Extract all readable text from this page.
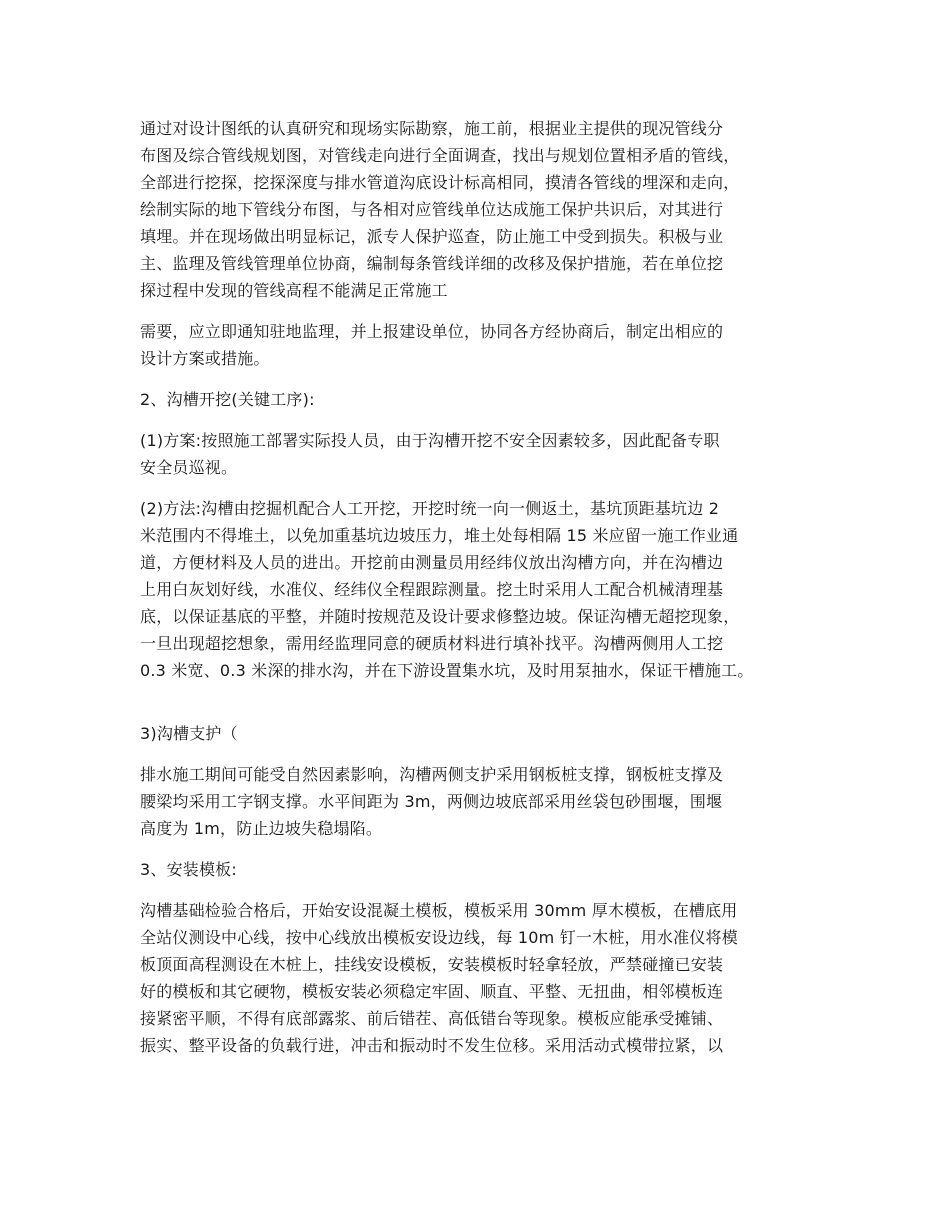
通过对设计图纸的认真研究和现场实际勘察，施工前，根据业主提供的现况管线分
布图及综合管线规划图，对管线走向进行全面调查，找出与规划位置相矛盾的管线，
全部进行挖探，挖探深度与排水管道沟底设计标高相同，摸清各管线的埋深和走向，
绘制实际的地下管线分布图，与各相对应管线单位达成施工保护共识后，对其进行
填埋。并在现场做出明显标记，派专人保护巡查，防止施工中受到损失。积极与业
主、监理及管线管理单位协商，编制每条管线详细的改移及保护措施，若在单位挖
探过程中发现的管线高程不能满足正常施工

需要，应立即通知驻地监理，并上报建设单位，协同各方经协商后，制定出相应的
设计方案或措施。

2、沟槽开挖(关键工序):

(1)方案:按照施工部署实际投人员，由于沟槽开挖不安全因素较多，因此配备专职
安全员巡视。

(2)方法:沟槽由挖掘机配合人工开挖，开挖时统一向一侧返土，基坑顶距基坑边 2
米范围内不得堆土，以免加重基坑边坡压力，堆土处每相隔 15 米应留一施工作业通
道，方便材料及人员的进出。开挖前由测量员用经纬仪放出沟槽方向，并在沟槽边
上用白灰划好线，水准仪、经纬仪全程跟踪测量。挖土时采用人工配合机械清理基
底，以保证基底的平整，并随时按规范及设计要求修整边坡。保证沟槽无超挖现象，
一旦出现超挖想象，需用经监理同意的硬质材料进行填补找平。沟槽两侧用人工挖
0.3 米宽、0.3 米深的排水沟，并在下游设置集水坑，及时用泵抽水，保证干槽施工。

3)沟槽支护（

排水施工期间可能受自然因素影响，沟槽两侧支护采用钢板桩支撑，钢板桩支撑及
腰梁均采用工字钢支撑。水平间距为 3m，两侧边坡底部采用丝袋包砂围堰，围堰
高度为 1m，防止边坡失稳塌陷。

3、安装模板:

沟槽基础检验合格后，开始安设混凝土模板，模板采用 30mm 厚木模板，在槽底用
全站仪测设中心线，按中心线放出模板安设边线，每 10m 钉一木桩，用水准仪将模
板顶面高程测设在木桩上，挂线安设模板，安装模板时轻拿轻放，严禁碰撞已安装
好的模板和其它硬物，模板安装必须稳定牢固、顺直、平整、无扭曲，相邻模板连
接紧密平顺，不得有底部露浆、前后错茬、高低错台等现象。模板应能承受摊铺、
振实、整平设备的负载行进，冲击和振动时不发生位移。采用活动式模带拉紧，以
